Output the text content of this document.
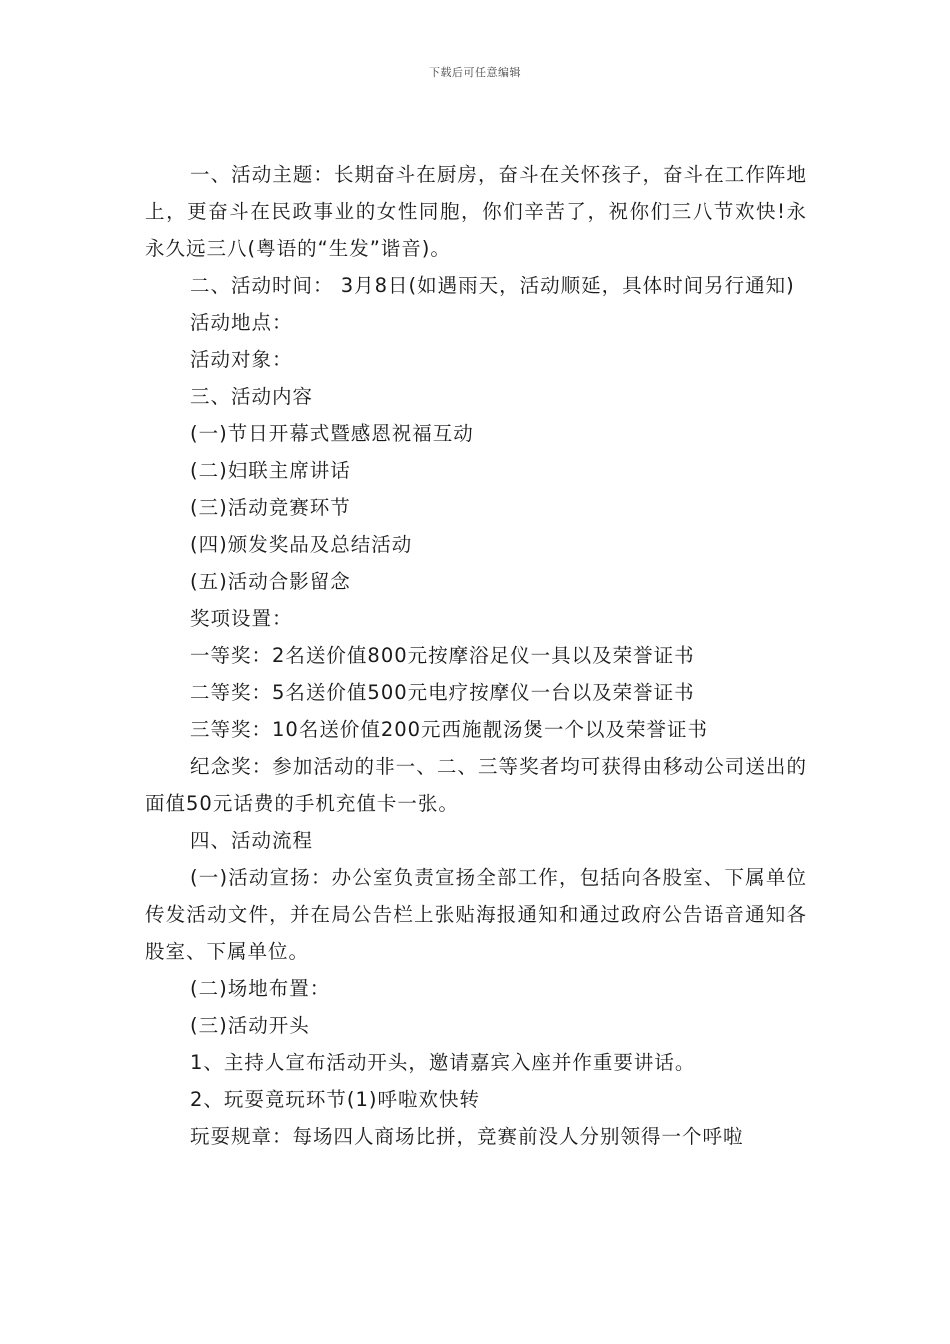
下载后可任意编辑

一、活动主题：长期奋斗在厨房，奋斗在关怀孩子，奋斗在工作阵地上，更奋斗在民政事业的女性同胞，你们辛苦了，祝你们三八节欢快!永永久远三八(粤语的“生发”谐音)。

二、活动时间： 3月8日(如遇雨天，活动顺延，具体时间另行通知)

活动地点：

活动对象：

三、活动内容

(一)节日开幕式暨感恩祝福互动

(二)妇联主席讲话

(三)活动竞赛环节

(四)颁发奖品及总结活动

(五)活动合影留念

奖项设置：

一等奖：2名送价值800元按摩浴足仪一具以及荣誉证书

二等奖：5名送价值500元电疗按摩仪一台以及荣誉证书

三等奖：10名送价值200元西施靓汤煲一个以及荣誉证书

纪念奖：参加活动的非一、二、三等奖者均可获得由移动公司送出的面值50元话费的手机充值卡一张。

四、活动流程

(一)活动宣扬：办公室负责宣扬全部工作，包括向各股室、下属单位传发活动文件，并在局公告栏上张贴海报通知和通过政府公告语音通知各股室、下属单位。

(二)场地布置：

(三)活动开头

1、主持人宣布活动开头，邀请嘉宾入座并作重要讲话。

2、玩耍竟玩环节(1)呼啦欢快转

玩耍规章：每场四人商场比拼，竞赛前没人分别领得一个呼啦
